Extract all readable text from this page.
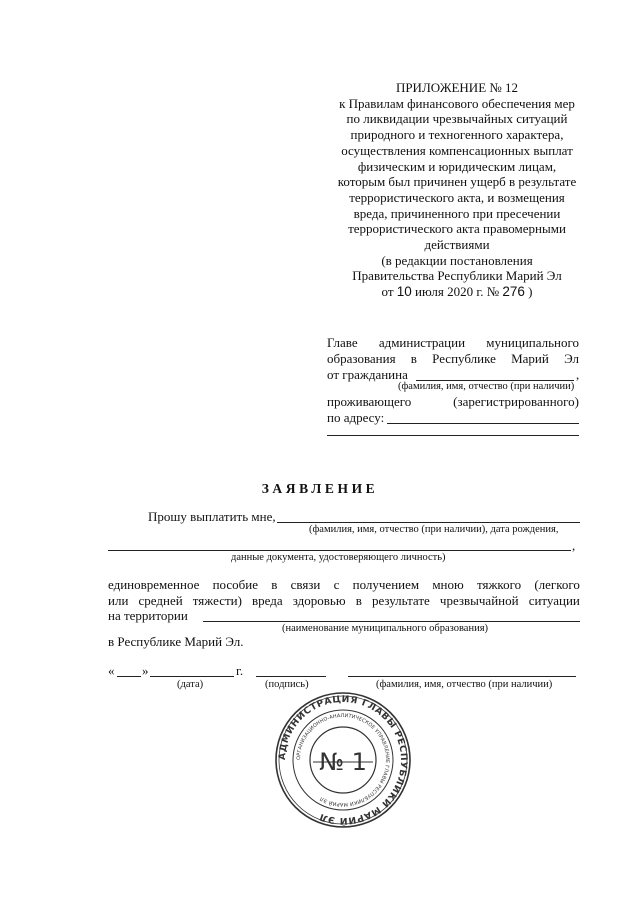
ПРИЛОЖЕНИЕ № 12
к Правилам финансового обеспечения мер
по ликвидации чрезвычайных ситуаций
природного и техногенного характера,
осуществления компенсационных выплат
физическим и юридическим лицам,
которым был причинен ущерб в результате
террористического акта, и возмещения
вреда, причиненного при пресечении
террористического акта правомерными
действиями
(в редакции постановления
Правительства Республики Марий Эл
от 10 июля 2020 г. № 276 )
Главе администрации муниципального
образования в Республике Марий Эл
от гражданина	,
(фамилия, имя, отчество (при наличии)
проживающего	(зарегистрированного)
по адресу:
ЗАЯВЛЕНИЕ
Прошу выплатить мне,
(фамилия, имя, отчество (при наличии), дата рождения,
,
данные документа, удостоверяющего личность)
единовременное пособие в связи с получением мною тяжкого (легкого
или средней тяжести) вреда здоровью в результате чрезвычайной ситуации
на территории
(наименование муниципального образования)
в Республике Марий Эл.
« »	г.
(дата)	(подпись)	(фамилия, имя, отчество (при наличии)
АДМИНИСТРАЦИЯ ГЛАВЫ РЕСПУБЛИКИ МАРИЙ ЭЛ
ОРГАНИЗАЦИОННО-АНАЛИТИЧЕСКОЕ УПРАВЛЕНИЕ ГЛАВЫ РЕСПУБЛИКИ МАРИЙ ЭЛ
№ 1
